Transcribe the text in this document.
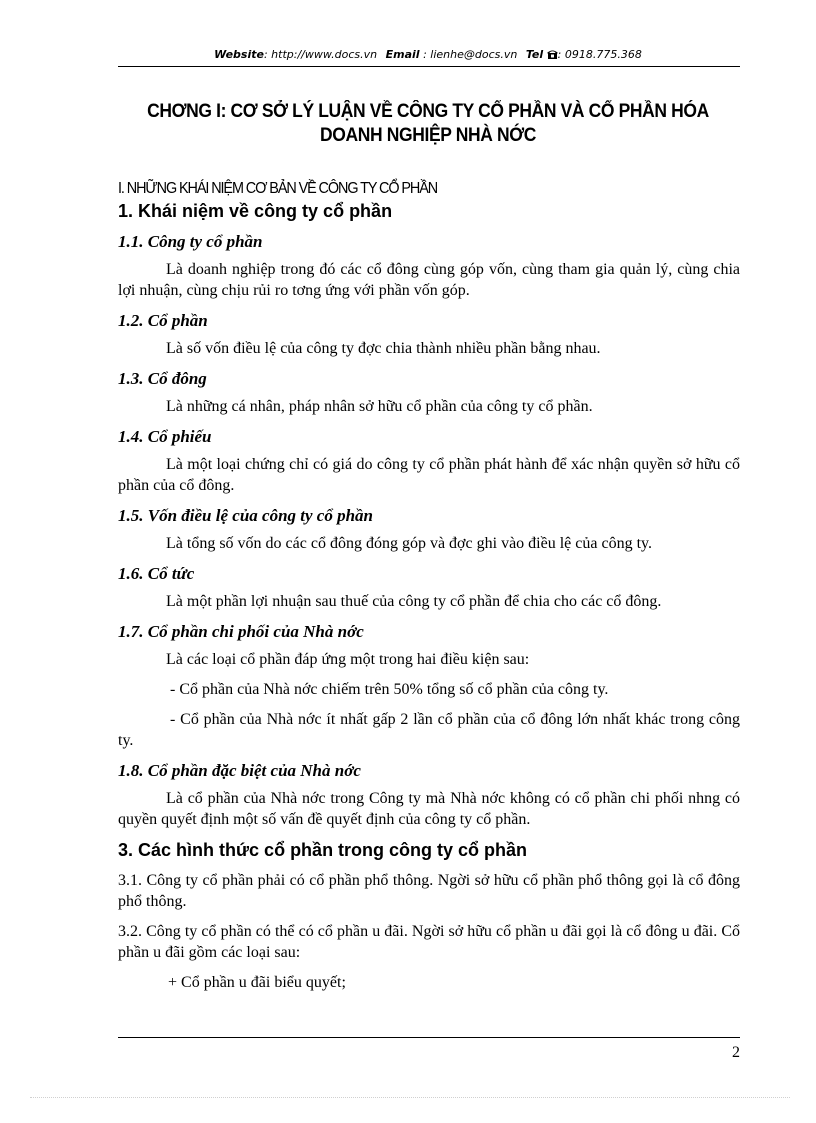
Website: http://www.docs.vn Email : lienhe@docs.vn Tel : 0918.775.368
CHƠNG I: CƠ SỞ LÝ LUẬN VỀ CÔNG TY CỔ PHẦN VÀ CỔ PHẦN HÓA
DOANH NGHIỆP NHÀ NỚC
I. NHỮNG KHÁI NIỆM CƠ BẢN VỀ CÔNG TY CỔ PHẦN
1. Khái niệm về công ty cổ phần
1.1. Công ty cổ phần

Là doanh nghiệp trong đó các cổ đông cùng góp vốn, cùng tham gia quản lý, cùng chia lợi nhuận, cùng chịu rủi ro tơng ứng với phần vốn góp.

1.2. Cổ phần

Là số vốn điều lệ của công ty đợc chia thành nhiều phần bằng nhau.

1.3. Cổ đông

Là những cá nhân, pháp nhân sở hữu cổ phần của công ty cổ phần.

1.4. Cổ phiếu

Là một loại chứng chỉ có giá do công ty cổ phần phát hành để xác nhận quyền sở hữu cổ phần của cổ đông.

1.5. Vốn điều lệ của công ty cổ phần

Là tổng số vốn do các cổ đông đóng góp và đợc ghi vào điều lệ của công ty.

1.6. Cổ tức

Là một phần lợi nhuận sau thuế của công ty cổ phần để chia cho các cổ đông.

1.7. Cổ phần chi phối của Nhà nớc

Là các loại cổ phần đáp ứng một trong hai điều kiện sau:

- Cổ phần của Nhà nớc chiếm trên 50% tổng số cổ phần của công ty.

- Cổ phần của Nhà nớc ít nhất gấp 2 lần cổ phần của cổ đông lớn nhất khác trong công ty.

1.8. Cổ phần đặc biệt của Nhà nớc

Là cổ phần của Nhà nớc trong Công ty mà Nhà nớc không có cổ phần chi phối nhng có quyền quyết định một số vấn đề quyết định của công ty cổ phần.

3. Các hình thức cổ phần trong công ty cổ phần

3.1. Công ty cổ phần phải có cổ phần phổ thông. Ngời sở hữu cổ phần phổ thông gọi là cổ đông phổ thông.

3.2. Công ty cổ phần có thể có cổ phần u đãi. Ngời sở hữu cổ phần u đãi gọi là cổ đông u đãi. Cổ phần u đãi gồm các loại sau:

+ Cổ phần u đãi biểu quyết;

2
